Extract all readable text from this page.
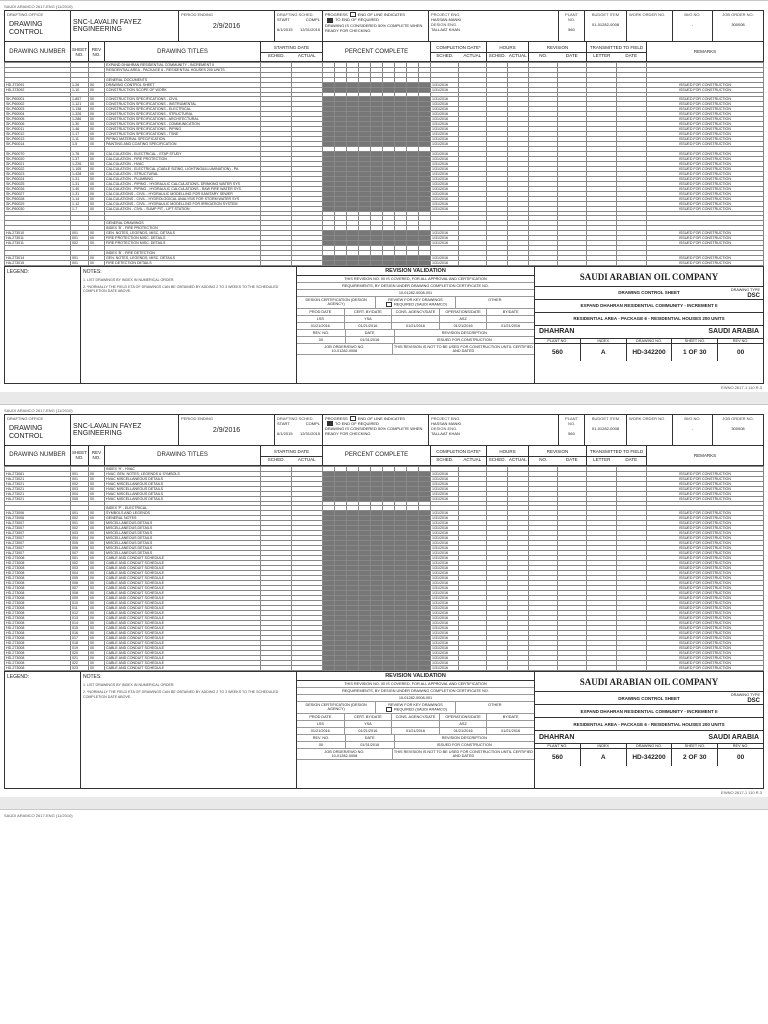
SAUDI ARAMCO 2617-ENG (11/2010)
DRAFTING OFFICE
DRAWING
CONTROL
SNC-LAVALIN FAYEZ ENGINEERING
PERIOD ENDING
2/9/2016
DRAFTING SCHED.
START	COMPL
6/1/2015 12/31/2015
PROGRESS	END OF LINE INDICATES
TO END OF REQUIRED
DRAWING IS CONSIDERED 50% COMPLETE WHEN READY FOR CHECKING
PROJECT ENG.
HASSAN MANKI
DESIGN ENG.
TALLAAT KHAN
PLANT NO.
560
BUDGET ITEM
01-01282-0008
WORK ORDER NO.	BI/O NO.
-
JOB ORDER NO.
300008
DRAWING NUMBER SHEET NO.
REV NO.	DRAWING TITLES
STARTING DATE
SCHED.	ACTUAL
PERCENT COMPLETE
COMPLETION DATE*
SCHED.	ACTUAL
HOURS
SCHED. ACTUAL
REVISION
NO.	DATE
TRANSMITTED TO FIELD
LETTER	DATE
REMARKS
			EXPAND DHAHRAN RESIDENTIAL COMMUNITY - INCREMENT II																				
			RESIDENTIAL AREA - PACKAGE 6 - RESIDENTIAL HOUSES 200 UNITS																				

			GENERAL DOCUMENTS																				
HD-373091	1-26	00	DRAWING CONTROL SHEET												1/31/2016								ISSUED FOR CONSTRUCTION
HD-373092	1-10	00	CONSTRUCTION SCOPE OF WORK												1/31/2016								ISSUED FOR CONSTRUCTION

SK-P60001	1-857	00	CONSTRUCTION SPECIFICATIONS - CIVIL												1/31/2016								ISSUED FOR CONSTRUCTION
SK-P60002	1-121	00	CONSTRUCTION SPECIFICATIONS - INSTRUMENTAL												1/31/2016								ISSUED FOR CONSTRUCTION
SK-P60003	1-138	00	CONSTRUCTION SPECIFICATIONS - ELECTRICAL												1/31/2016								ISSUED FOR CONSTRUCTION
SK-P60004	1-326	00	CONSTRUCTION SPECIFICATIONS - STRUCTURAL												1/31/2016								ISSUED FOR CONSTRUCTION
SK-P60005	1-286	00	CONSTRUCTION SPECIFICATIONS - ARCHITECTURAL												1/31/2016								ISSUED FOR CONSTRUCTION
SK-P60006	1-30	00	CONSTRUCTION SPECIFICATIONS - COMMUNICATION												1/31/2016								ISSUED FOR CONSTRUCTION
SK-P60011	1-46	00	CONSTRUCTION SPECIFICATIONS - PIPING												1/31/2016								ISSUED FOR CONSTRUCTION
SK-P60012	1-17	00	CONSTRUCTION SPECIFICATIONS - TSNE												1/31/2016								ISSUED FOR CONSTRUCTION
SK-P60013	1-11	00	PIPING MATERIAL SPECIFICATION												1/31/2016								ISSUED FOR CONSTRUCTION
SK-P60014	1-5	00	PAINTING AND COATING SPECIFICATION												1/31/2016								ISSUED FOR CONSTRUCTION

SK-P60070	1-76	00	CALCULATION - ELECTRICAL - ETAP STUDY												1/31/2016								ISSUED FOR CONSTRUCTION
SK-P60020	1-37	00	CALCULATION - FIRE PROTECTION												1/31/2016								ISSUED FOR CONSTRUCTION
SK-P60021	1-226	00	CALCULATION - HVAC												1/31/2016								ISSUED FOR CONSTRUCTION
SK-P60022	1-105	00	CALCULATION - ELECTRICAL (CABLE SIZING, LIGHTING&ILLUMINATION) - PA												1/31/2016								ISSUED FOR CONSTRUCTION
SK-P60023	1-428	00	CALCULATION - STRUCTURAL												1/31/2016								ISSUED FOR CONSTRUCTION
SK-P60024	1-31	00	CALCULATION - PLUMBING												1/31/2016								ISSUED FOR CONSTRUCTION
SK-P60025	1-31	00	CALCULATION - PIPING - HYDRAULIC CALCULATIONS- DRINKING WATER SYS												1/31/2016								ISSUED FOR CONSTRUCTION
SK-P60026	1-40	00	CALCULATION - PIPING - HYDRAULIC CALCULATIONS - RAW FIRE WATER SYS												1/31/2016								ISSUED FOR CONSTRUCTION
SK-P60027	1-31	00	CALCULATIONS - CIVIL - HYDRAULIC MODELLING FOR SANITARY SEWER												1/31/2016								ISSUED FOR CONSTRUCTION
SK-P60028	1-14	00	CALCULATIONS - CIVIL - HYDROLOGICAL ANALYSIS FOR STORM WATER SYS												1/31/2016								ISSUED FOR CONSTRUCTION
SK-P60029	1-12	00	CALCULATIONS - CIVIL - HYDRAULIC MODELLING FOR IRRIGATION SYSTEM												1/31/2016								ISSUED FOR CONSTRUCTION
SK-P60030	1-7	00	CALCULATION - CIVIL - SUMP PIT - LIFT STATION												1/31/2016								ISSUED FOR CONSTRUCTION

			GENERAL DRAWINGS																				
			INDEX 'B' - FIRE PROTECTION																				
HA-273010	001	00	GEN. NOTES, LEGENDS, MISC. DETAILS												1/31/2016								ISSUED FOR CONSTRUCTION
HA-273011	001	00	FIRE PROTECTION MISC. DETAILS												1/31/2016								ISSUED FOR CONSTRUCTION
HA-273011	002	00	FIRE PROTECTION MISC. DETAILS												1/31/2016								ISSUED FOR CONSTRUCTION

			INDEX 'B' - FIRE DETECTION																				
HA-273014	001	00	GEN. NOTES, LEGENDS, MISC. DETAILS												1/31/2016								ISSUED FOR CONSTRUCTION
HA-273015	001	00	FIRE DETECTION DETAILS												1/31/2016								ISSUED FOR CONSTRUCTION
LEGEND:	NOTES:

1. LIST DRAWINGS BY INDEX IN NUMERICAL ORDER.

2. *NORMALLY THE FIELD ETA OF DRAWINGS CAN BE OBTAINED BY ADDING 2 TO 3 WEEKS TO THE SCHEDULED COMPLETION DATE ABOVE.

REVISION VALIDATION
THIS REVISION NO. 00 IS COVERED, FOR ALL APPROVAL AND CERTIFICATION
REQUIREMENTS, BY DESIGN UNDER DRAWING COMPLETION CERTIFICATE NO.
10-01282-0008-001
DESIGN CERTIFICATION (DESIGN AGENCY)
REVIEW FOR KEY DRAWINGS
REQUIRED (SAUDI ARAMCO)
OTHER
PROD DATE	CERT. BY/DATE	CONS. AGENCY/DATE	OPERATIONS/DATE	BY/DATE
LSS	YSA	ASZ
01/21/2016	01/21/2016	01/21/2016	01/21/2016	01/21/2016
REV. NO.	DATE	REVISION DESCRIPTION
00	01/31/2016	ISSUED FOR CONSTRUCTION
JOB ORDER/EWO NO.
10-01282-0008
THIS REVISION IS NOT TO BE USED FOR CONSTRUCTION UNTIL CERTIFIED AND DATED
SAUDI ARABIAN OIL COMPANY
DRAWING CONTROL SHEET
DRAWING TYPE
DSC
EXPAND DHAHRAN RESIDENTIAL COMMUNITY - INCREMENT II
RESIDENTIAL AREA - PACKAGE 6 - RESIDENTIAL HOUSES 200 UNITS
DHAHRAN	SAUDI ARABIA
PLANT NO.	INDEX	DRAWING NO.	SHEET NO.	REV NO.
560	A	HD-342200	1 OF 30	00
EWNO.2617-1 110 R.3
SAUDI ARAMCO 2617-ENG (11/2010)
DRAFTING OFFICE
DRAWING
CONTROL
SNC-LAVALIN FAYEZ ENGINEERING
PERIOD ENDING
2/9/2016
DRAFTING SCHED.
START	COMPL
6/1/2015 12/31/2015
PROGRESS	END OF LINE INDICATES
TO END OF REQUIRED
DRAWING IS CONSIDERED 50% COMPLETE WHEN READY FOR CHECKING
PROJECT ENG.
HASSAN MANKI
DESIGN ENG.
TALLAAT KHAN
PLANT NO.
560
BUDGET ITEM
01-01282-0008
WORK ORDER NO.	BI/O NO.
-
JOB ORDER NO.
300008
DRAWING NUMBER SHEET NO.
REV NO.	DRAWING TITLES
STARTING DATE
SCHED.	ACTUAL
PERCENT COMPLETE
COMPLETION DATE*
SCHED.	ACTUAL
HOURS
SCHED. ACTUAL
REVISION
NO.	DATE
TRANSMITTED TO FIELD
LETTER	DATE
REMARKS
			INDEX 'H' - HVAC																				
HA-273081	001	00	HVAC GEN. NOTES, LEGENDS & SYMBOLS												1/31/2016								ISSUED FOR CONSTRUCTION
HA-273021	001	00	HVAC MISCELLANEOUS DETAILS												1/31/2016								ISSUED FOR CONSTRUCTION
HA-273021	002	00	HVAC MISCELLANEOUS DETAILS												1/31/2016								ISSUED FOR CONSTRUCTION
HA-273021	003	00	HVAC MISCELLANEOUS DETAILS												1/31/2016								ISSUED FOR CONSTRUCTION
HA-273021	004	00	HVAC MISCELLANEOUS DETAILS												1/31/2016								ISSUED FOR CONSTRUCTION
HA-273021	005	00	HVAC MISCELLANEOUS DETAILS												1/31/2016								ISSUED FOR CONSTRUCTION

			INDEX 'P' - ELECTRICAL																				
HA-273006	001	00	SYMBOLS AND LEGENDS												1/31/2016								ISSUED FOR CONSTRUCTION
HA-273006	002	00	GENERAL NOTES												1/31/2016								ISSUED FOR CONSTRUCTION
HA-273007	001	00	MISCELLANEOUS DETAILS												1/31/2016								ISSUED FOR CONSTRUCTION
HA-273007	002	00	MISCELLANEOUS DETAILS												1/31/2016								ISSUED FOR CONSTRUCTION
HA-273007	003	00	MISCELLANEOUS DETAILS												1/31/2016								ISSUED FOR CONSTRUCTION
HA-273007	004	00	MISCELLANEOUS DETAILS												1/31/2016								ISSUED FOR CONSTRUCTION
HA-273007	005	00	MISCELLANEOUS DETAILS												1/31/2016								ISSUED FOR CONSTRUCTION
HA-273007	006	00	MISCELLANEOUS DETAILS												1/31/2016								ISSUED FOR CONSTRUCTION
HA-273007	007	00	MISCELLANEOUS DETAILS												1/31/2016								ISSUED FOR CONSTRUCTION
HD-273008	001	00	CABLE AND CONDUIT SCHEDULE												1/31/2016								ISSUED FOR CONSTRUCTION
HD-273008	002	00	CABLE AND CONDUIT SCHEDULE												1/31/2016								ISSUED FOR CONSTRUCTION
HD-273008	003	00	CABLE AND CONDUIT SCHEDULE												1/31/2016								ISSUED FOR CONSTRUCTION
HD-273008	004	00	CABLE AND CONDUIT SCHEDULE												1/31/2016								ISSUED FOR CONSTRUCTION
HD-273008	005	00	CABLE AND CONDUIT SCHEDULE												1/31/2016								ISSUED FOR CONSTRUCTION
HD-273008	006	00	CABLE AND CONDUIT SCHEDULE												1/31/2016								ISSUED FOR CONSTRUCTION
HD-273008	007	00	CABLE AND CONDUIT SCHEDULE												1/31/2016								ISSUED FOR CONSTRUCTION
HD-273008	008	00	CABLE AND CONDUIT SCHEDULE												1/31/2016								ISSUED FOR CONSTRUCTION
HD-273008	009	00	CABLE AND CONDUIT SCHEDULE												1/31/2016								ISSUED FOR CONSTRUCTION
HD-273008	010	00	CABLE AND CONDUIT SCHEDULE												1/31/2016								ISSUED FOR CONSTRUCTION
HD-273008	011	00	CABLE AND CONDUIT SCHEDULE												1/31/2016								ISSUED FOR CONSTRUCTION
HD-273008	012	00	CABLE AND CONDUIT SCHEDULE												1/31/2016								ISSUED FOR CONSTRUCTION
HD-273008	013	00	CABLE AND CONDUIT SCHEDULE												1/31/2016								ISSUED FOR CONSTRUCTION
HD-273008	014	00	CABLE AND CONDUIT SCHEDULE												1/31/2016								ISSUED FOR CONSTRUCTION
HD-273008	015	00	CABLE AND CONDUIT SCHEDULE												1/31/2016								ISSUED FOR CONSTRUCTION
HD-273008	016	00	CABLE AND CONDUIT SCHEDULE												1/31/2016								ISSUED FOR CONSTRUCTION
HD-273008	017	00	CABLE AND CONDUIT SCHEDULE												1/31/2016								ISSUED FOR CONSTRUCTION
HD-273008	018	00	CABLE AND CONDUIT SCHEDULE												1/31/2016								ISSUED FOR CONSTRUCTION
HD-273008	019	00	CABLE AND CONDUIT SCHEDULE												1/31/2016								ISSUED FOR CONSTRUCTION
HD-273008	020	00	CABLE AND CONDUIT SCHEDULE												1/31/2016								ISSUED FOR CONSTRUCTION
HD-273008	021	00	CABLE AND CONDUIT SCHEDULE												1/31/2016								ISSUED FOR CONSTRUCTION
HD-273008	022	00	CABLE AND CONDUIT SCHEDULE												1/31/2016								ISSUED FOR CONSTRUCTION
HD-273008	023	00	CABLE AND CONDUIT SCHEDULE												1/31/2016								ISSUED FOR CONSTRUCTION
LEGEND:	NOTES:

1. LIST DRAWINGS BY INDEX IN NUMERICAL ORDER.

2. *NORMALLY THE FIELD ETA OF DRAWINGS CAN BE OBTAINED BY ADDING 2 TO 3 WEEKS TO THE SCHEDULED COMPLETION DATE ABOVE.

REVISION VALIDATION
THIS REVISION NO. 00 IS COVERED, FOR ALL APPROVAL AND CERTIFICATION
REQUIREMENTS, BY DESIGN UNDER DRAWING COMPLETION CERTIFICATE NO.
10-01282-0008-001
DESIGN CERTIFICATION (DESIGN AGENCY)
REVIEW FOR KEY DRAWINGS
REQUIRED (SAUDI ARAMCO)
OTHER
PROD DATE	CERT. BY/DATE	CONS. AGENCY/DATE	OPERATIONS/DATE	BY/DATE
LSS	YSA	ASZ
01/21/2016	01/21/2016	01/21/2016	01/21/2016	01/21/2016
REV. NO.	DATE	REVISION DESCRIPTION
00	01/31/2016	ISSUED FOR CONSTRUCTION
JOB ORDER/EWO NO.
10-01282-0008
THIS REVISION IS NOT TO BE USED FOR CONSTRUCTION UNTIL CERTIFIED AND DATED
SAUDI ARABIAN OIL COMPANY
DRAWING CONTROL SHEET
DRAWING TYPE
DSC
EXPAND DHAHRAN RESIDENTIAL COMMUNITY - INCREMENT II
RESIDENTIAL AREA - PACKAGE 6 - RESIDENTIAL HOUSES 200 UNITS
DHAHRAN	SAUDI ARABIA
PLANT NO.	INDEX	DRAWING NO.	SHEET NO.	REV NO.
560	A	HD-342200	2 OF 30	00
EWNO.2617-1 110 R.3
SAUDI ARAMCO 2617-ENG (11/2010)
